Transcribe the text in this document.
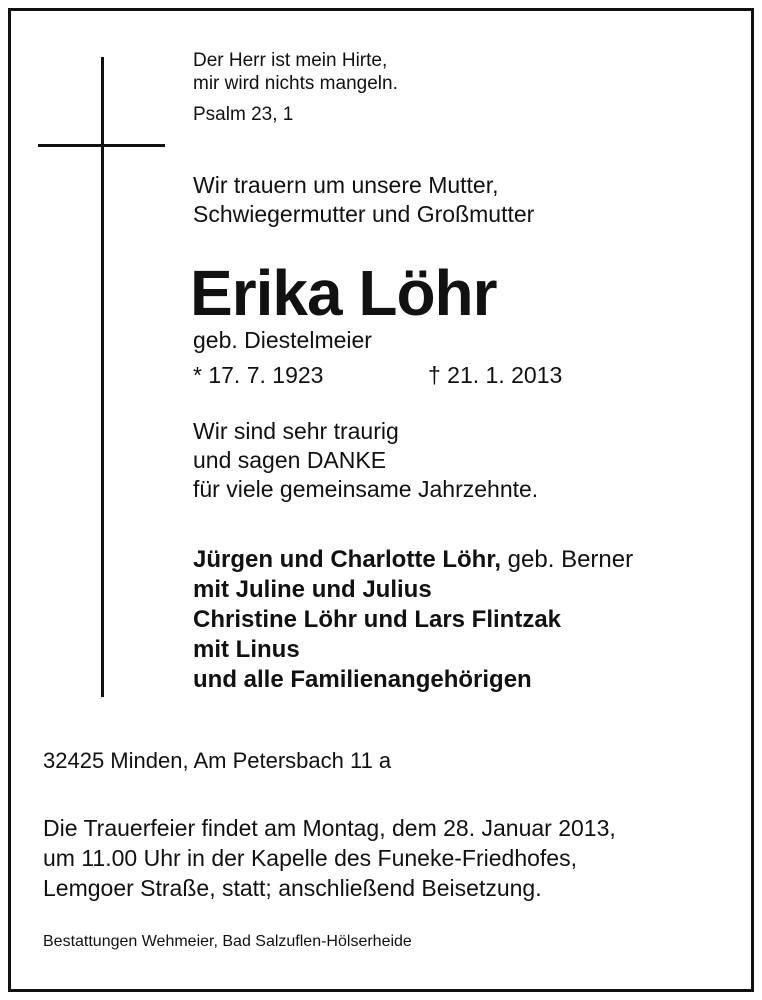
Der Herr ist mein Hirte,
mir wird nichts mangeln.
Psalm 23, 1
Wir trauern um unsere Mutter,
Schwiegermutter und Großmutter
Erika Löhr
geb. Diestelmeier
* 17. 7. 1923	† 21. 1. 2013
Wir sind sehr traurig
und sagen DANKE
für viele gemeinsame Jahrzehnte.
Jürgen und Charlotte Löhr, geb. Berner
mit Juline und Julius
Christine Löhr und Lars Flintzak
mit Linus
und alle Familienangehörigen
32425 Minden, Am Petersbach 11 a
Die Trauerfeier findet am Montag, dem 28. Januar 2013,
um 11.00 Uhr in der Kapelle des Funeke-Friedhofes,
Lemgoer Straße, statt; anschließend Beisetzung.
Bestattungen Wehmeier, Bad Salzuflen-Hölserheide
